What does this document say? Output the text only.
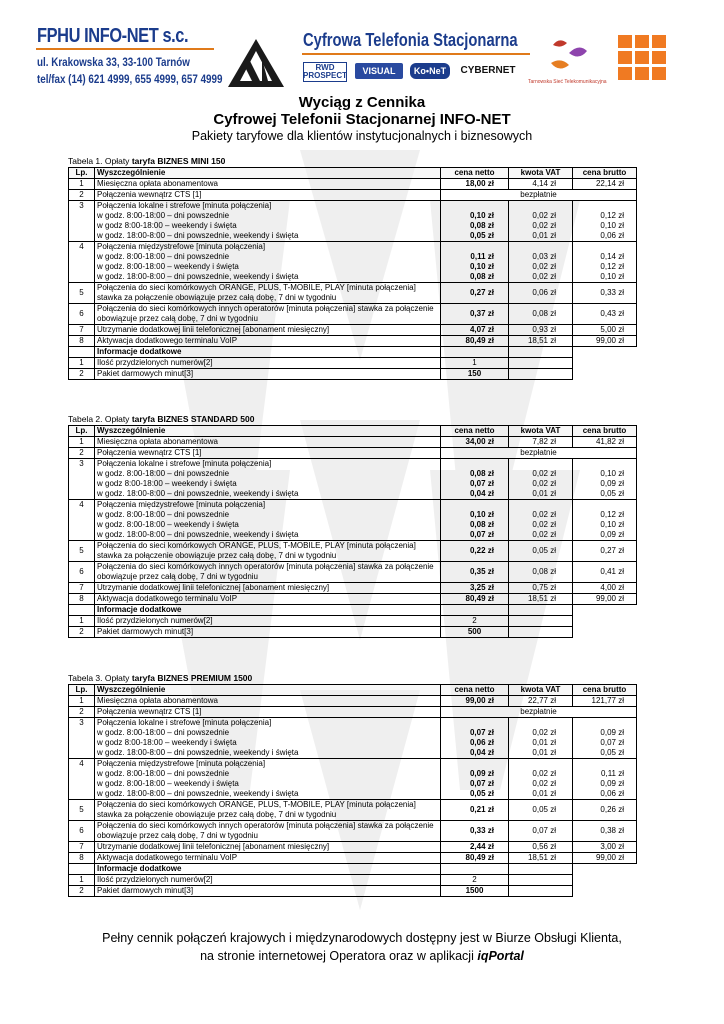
FPHU INFO-NET s.c.
ul. Krakowska 33, 33-100 Tarnów
tel/fax (14) 621 4999, 655 4999, 657 4999
Cyfrowa Telefonia Stacjonarna
RWD
PROSPECT	VISUAL	Ko•NeT	CYBERNET
Tarnowska Sieć Telekomunikacyjna
Wyciąg z Cennika
Cyfrowej Telefonii Stacjonarnej INFO-NET
Pakiety taryfowe dla klientów instytucjonalnych i biznesowych
Tabela 1. Opłaty taryfa BIZNES MINI 150
Lp.	Wyszczególnienie	cena netto	kwota VAT	cena brutto
1	Miesięczna opłata abonamentowa	18,00 zł	4,14 zł	22,14 zł
2	Połączenia wewnątrz CTS [1]	bezpłatnie		
3	Połączenia lokalne i strefowe [minuta połączenia]			
	w godz. 8:00-18:00 – dni powszednie	0,10 zł	0,02 zł	0,12 zł
	w godz 8:00-18:00 – weekendy i święta	0,08 zł	0,02 zł	0,10 zł
	w godz. 18:00-8:00 – dni powszednie, weekendy i święta	0,05 zł	0,01 zł	0,06 zł
4	Połączenia międzystrefowe [minuta połączenia]			
	w godz. 8:00-18:00 – dni powszednie	0,11 zł	0,03 zł	0,14 zł
	w godz. 8:00-18:00 – weekendy i święta	0,10 zł	0,02 zł	0,12 zł
	w godz. 18:00-8:00 – dni powszednie, weekendy i święta	0,08 zł	0,02 zł	0,10 zł
5	Połączenia do sieci komórkowych ORANGE, PLUS, T-MOBILE, PLAY [minuta połączenia] stawka za połączenie obowiązuje przez całą dobę, 7 dni w tygodniu	0,27 zł	0,06 zł	0,33 zł
6	Połączenia do sieci komórkowych innych operatorów [minuta połączenia] stawka za połączenie obowiązuje przez całą dobę, 7 dni w tygodniu	0,37 zł	0,08 zł	0,43 zł
7	Utrzymanie dodatkowej linii telefonicznej [abonament miesięczny]	4,07 zł	0,93 zł	5,00 zł
8	Aktywacja dodatkowego terminalu VoIP	80,49 zł	18,51 zł	99,00 zł
	Informacje dodatkowe			
1	Ilość przydzielonych numerów[2]	1		
2	Pakiet darmowych minut[3]	150		
Tabela 2. Opłaty taryfa BIZNES STANDARD 500
Lp.	Wyszczególnienie	cena netto	kwota VAT	cena brutto
1	Miesięczna opłata abonamentowa	34,00 zł	7,82 zł	41,82 zł
2	Połączenia wewnątrz CTS [1]	bezpłatnie		
3	Połączenia lokalne i strefowe [minuta połączenia]			
	w godz. 8:00-18:00 – dni powszednie	0,08 zł	0,02 zł	0,10 zł
	w godz 8:00-18:00 – weekendy i święta	0,07 zł	0,02 zł	0,09 zł
	w godz. 18:00-8:00 – dni powszednie, weekendy i święta	0,04 zł	0,01 zł	0,05 zł
4	Połączenia międzystrefowe [minuta połączenia]			
	w godz. 8:00-18:00 – dni powszednie	0,10 zł	0,02 zł	0,12 zł
	w godz. 8:00-18:00 – weekendy i święta	0,08 zł	0,02 zł	0,10 zł
	w godz. 18:00-8:00 – dni powszednie, weekendy i święta	0,07 zł	0,02 zł	0,09 zł
5	Połączenia do sieci komórkowych ORANGE, PLUS, T-MOBILE, PLAY [minuta połączenia] stawka za połączenie obowiązuje przez całą dobę, 7 dni w tygodniu	0,22 zł	0,05 zł	0,27 zł
6	Połączenia do sieci komórkowych innych operatorów [minuta połączenia] stawka za połączenie obowiązuje przez całą dobę, 7 dni w tygodniu	0,35 zł	0,08 zł	0,41 zł
7	Utrzymanie dodatkowej linii telefonicznej [abonament miesięczny]	3,25 zł	0,75 zł	4,00 zł
8	Aktywacja dodatkowego terminalu VoIP	80,49 zł	18,51 zł	99,00 zł
	Informacje dodatkowe			
1	Ilość przydzielonych numerów[2]	2		
2	Pakiet darmowych minut[3]	500		
Tabela 3. Opłaty taryfa BIZNES PREMIUM 1500
Lp.	Wyszczególnienie	cena netto	kwota VAT	cena brutto
1	Miesięczna opłata abonamentowa	99,00 zł	22,77 zł	121,77 zł
2	Połączenia wewnątrz CTS [1]	bezpłatnie		
3	Połączenia lokalne i strefowe [minuta połączenia]			
	w godz. 8:00-18:00 – dni powszednie	0,07 zł	0,02 zł	0,09 zł
	w godz 8:00-18:00 – weekendy i święta	0,06 zł	0,01 zł	0,07 zł
	w godz. 18:00-8:00 – dni powszednie, weekendy i święta	0,04 zł	0,01 zł	0,05 zł
4	Połączenia międzystrefowe [minuta połączenia]			
	w godz. 8:00-18:00 – dni powszednie	0,09 zł	0,02 zł	0,11 zł
	w godz. 8:00-18:00 – weekendy i święta	0,07 zł	0,02 zł	0,09 zł
	w godz. 18:00-8:00 – dni powszednie, weekendy i święta	0,05 zł	0,01 zł	0,06 zł
5	Połączenia do sieci komórkowych ORANGE, PLUS, T-MOBILE, PLAY [minuta połączenia] stawka za połączenie obowiązuje przez całą dobę, 7 dni w tygodniu	0,21 zł	0,05 zł	0,26 zł
6	Połączenia do sieci komórkowych innych operatorów [minuta połączenia] stawka za połączenie obowiązuje przez całą dobę, 7 dni w tygodniu	0,33 zł	0,07 zł	0,38 zł
7	Utrzymanie dodatkowej linii telefonicznej [abonament miesięczny]	2,44 zł	0,56 zł	3,00 zł
8	Aktywacja dodatkowego terminalu VoIP	80,49 zł	18,51 zł	99,00 zł
	Informacje dodatkowe			
1	Ilość przydzielonych numerów[2]	2		
2	Pakiet darmowych minut[3]	1500		
Pełny cennik połączeń krajowych i międzynarodowych dostępny jest w Biurze Obsługi Klienta,
na stronie internetowej Operatora oraz w aplikacji iqPortal
